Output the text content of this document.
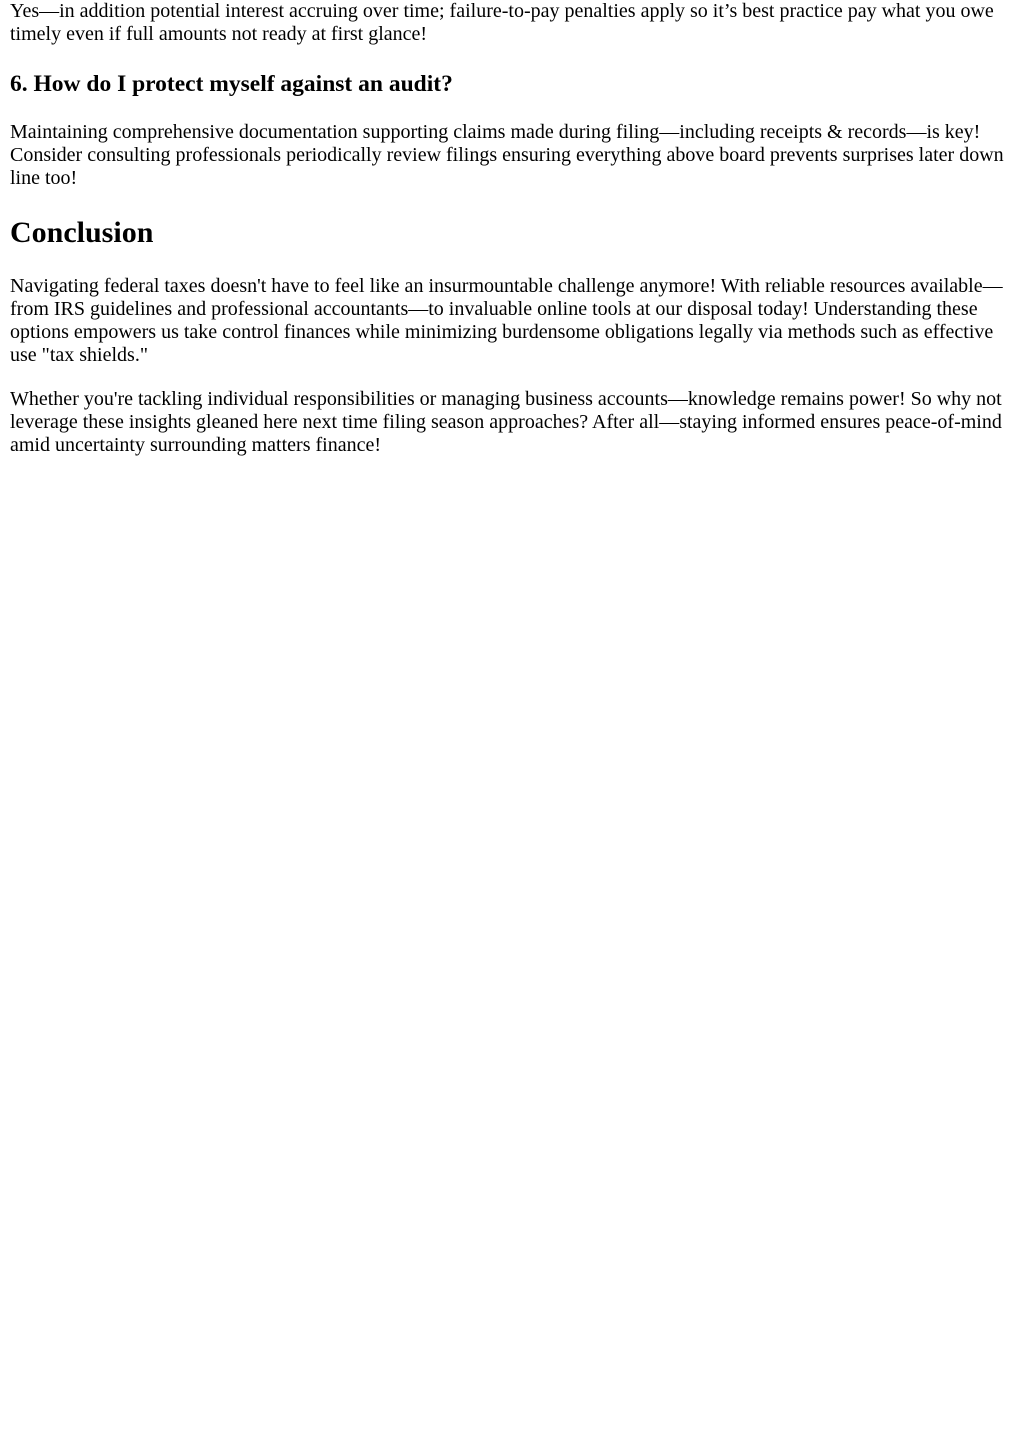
Yes—in addition potential interest accruing over time; failure-to-pay penalties apply so it’s best practice pay what you owe timely even if full amounts not ready at first glance!

6. How do I protect myself against an audit?

Maintaining comprehensive documentation supporting claims made during filing—including receipts & records—is key! Consider consulting professionals periodically review filings ensuring everything above board prevents surprises later down line too!

Conclusion

Navigating federal taxes doesn't have to feel like an insurmountable challenge anymore! With reliable resources available—from IRS guidelines and professional accountants—to invaluable online tools at our disposal today! Understanding these options empowers us take control finances while minimizing burdensome obligations legally via methods such as effective use "tax shields."

Whether you're tackling individual responsibilities or managing business accounts—knowledge remains power! So why not leverage these insights gleaned here next time filing season approaches? After all—staying informed ensures peace-of-mind amid uncertainty surrounding matters finance!
